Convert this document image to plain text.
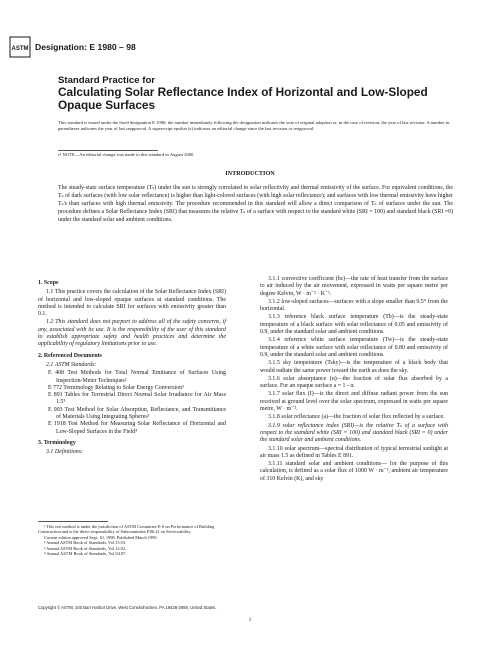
ASTM Designation: E 1980 – 98
Standard Practice for
Calculating Solar Reflectance Index of Horizontal and Low-Sloped Opaque Surfaces
This standard is issued under the fixed designation E 1980; the number immediately following the designation indicates the year of original adoption or, in the case of revision, the year of last revision. A number in parentheses indicates the year of last reapproval. A superscript epsilon (ε) indicates an editorial change since the last revision or reapproval.
ε¹ NOTE—An editorial change was made to this standard in August 2000.
INTRODUCTION
The steady-state surface temperature (Tₛ) under the sun is strongly correlated to solar reflectivity and thermal emissivity of the surface. For equivalent conditions, the Tₛ of dark surfaces (with low solar reflectance) is higher than light-colored surfaces (with high solar reflectance); and surfaces with low thermal emissivity have higher Tₛ's than surfaces with high thermal emissivity. The procedure recommended in this standard will allow a direct comparison of Tₛ of surfaces under the sun. The procedure defines a Solar Reflectance Index (SRI) that measures the relative Tₛ of a surface with respect to the standard white (SRI = 100) and standard black (SRI =0) under the standard solar and ambient conditions.
1. Scope
1.1 This practice covers the calculation of the Solar Reflectance Index (SRI) of horizontal and low-sloped opaque surfaces at standard conditions. The method is intended to calculate SRI for surfaces with emissivity greater than 0.1.
1.2 This standard does not purport to address all of the safety concerns, if any, associated with its use. It is the responsibility of the user of this standard to establish appropriate safety and health practices and determine the applicability of regulatory limitations prior to use.
2. Referenced Documents
2.1 ASTM Standards:
E 408 Test Methods for Total Normal Emittance of Surfaces Using Inspection-Meter Techniques²
E 772 Terminology Relating to Solar Energy Conversion³
E 891 Tables for Terrestrial Direct Normal Solar Irradiance for Air Mass 1.5³
E 903 Test Method for Solar Absorption, Reflectance, and Transmittance of Materials Using Integrating Spheres³
E 1918 Test Method for Measuring Solar Reflectance of Horizontal and Low-Sloped Surfaces in the Field⁴
3. Terminology
3.1 Definitions:
3.1.1 convective coefficient (hc)—the rate of heat transfer from the surface to air induced by the air movement, expressed in watts per square metre per degree Kelvin, W · m⁻² · K⁻¹.
3.1.2 low-sloped surfaces—surfaces with a slope smaller than 9.5° from the horizontal.
3.1.3 reference black surface temperature (Tb)—is the steady-state temperature of a black surface with solar reflectance of 0.05 and emissivity of 0.9, under the standard solar and ambient conditions.
3.1.4 reference white surface temperature (Tw)—is the steady-state temperature of a white surface with solar reflectance of 0.80 and emissivity of 0.9, under the standard solar and ambient conditions.
3.1.5 sky temperature (Tsky)—is the temperature of a black body that would radiate the same power toward the earth as does the sky.
3.1.6 solar absorptance (α)—the fraction of solar flux absorbed by a surface. For an opaque surface a = 1 - α.
3.1.7 solar flux (I)—is the direct and diffuse radiant power from the sun received at ground level over the solar spectrum, expressed in watts per square metre, W · m⁻².
3.1.8 solar reflectance (a)—the fraction of solar flux reflected by a surface.
3.1.9 solar reflectance index (SRI)—is the relative Tₛ of a surface with respect to the standard white (SRI = 100) and standard black (SRI = 0) under the standard solar and ambient conditions.
3.1.10 solar spectrum—spectral distribution of typical terrestrial sunlight at air mass 1.5 as defined in Tables E 891.
3.1.11 standard solar and ambient conditions— for the purpose of this calculation, is defined as a solar flux of 1000 W · m⁻², ambient air temperature of 310 Kelvin (K), and sky
¹ This test method is under the jurisdiction of ASTM Committee E-6 on Performance of Building Construction and is the direct responsibility of Subcommittee E06.21 on Serviceability.
Current edition approved Sept. 10, 1998. Published March 1999.
² Annual ASTM Book of Standards, Vol 15.03.
³ Annual ASTM Book of Standards, Vol 12.02.
⁴ Annual ASTM Book of Standards, Vol 04.07.
Copyright © ASTM, 100 Barr Harbor Drive, West Conshohocken, PA 19428-2959, United States.
1
